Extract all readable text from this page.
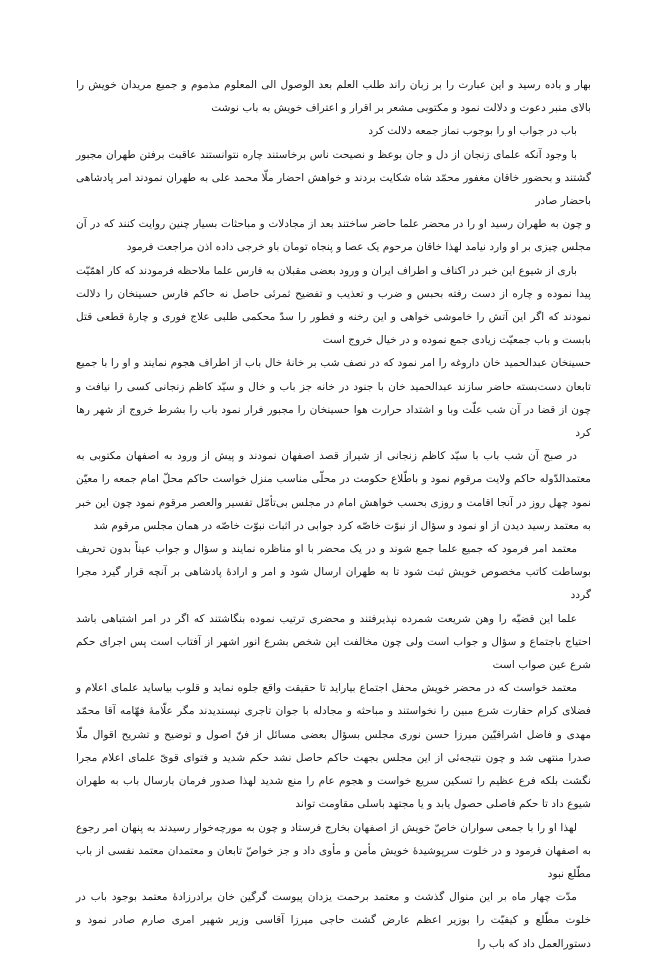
بهار و باده رسید و این عبارت را بر زبان راند طلب العلم بعد الوصول الی المعلوم مذموم و جمیع مریدان خویش را بالای منبر دعوت و دلالت نمود و مکتوبی مشعر بر اقرار و اعتراف خویش به باب نوشت

باب در جواب او را بوجوب نماز جمعه دلالت کرد

با وجود آنکه علمای زنجان از دل و جان بوعظ و نصیحت ناس برخاستند چاره نتوانستند عاقبت برفتن طهران مجبور گشتند و بحضور خاقان مغفور محمّد شاه شکایت بردند و خواهش احضار ملّا محمد علی به طهران نمودند امر پادشاهی باحضار صادر

و چون به طهران رسید او را در محضر علما حاضر ساختند بعد از مجادلات و مباحثات بسیار چنین روایت کنند که در آن مجلس چیزی بر او وارد نیامد لهذا خاقان مرحوم یک عصا و پنجاه تومان باو خرجی داده اذن مراجعت فرمود

باری از شیوع این خبر در اکناف و اطراف ایران و ورود بعضی مقبلان به فارس علما ملاحظه فرمودند که کار اهمّیّت پیدا نموده و چاره از دست رفته بحبس و ضرب و تعذیب و تفضیح ثمرئی حاصل نه حاکم فارس حسینخان را دلالت نمودند که اگر این آتش را خاموشی خواهی و این رخنه و فطور را سدّ محکمی طلبی علاج فوری و چارهٔ قطعی قتل بابست و باب جمعیّت زیادی جمع نموده و در خیال خروج است

حسینخان عبدالحمید خان داروغه را امر نمود که در نصف شب بر خانهٔ خال باب از اطراف هجوم نمایند و او را با جمیع تابعان دست‌بسته حاضر سازند عبدالحمید خان با جنود در خانه جز باب و خال و سیّد کاظم زنجانی کسی را نیافت و چون از قضا در آن شب علّت وبا و اشتداد حرارت هوا حسینخان را مجبور فرار نمود باب را بشرط خروج از شهر رها کرد

در صبح آن شب باب با سیّد کاظم زنجانی از شیراز قصد اصفهان نمودند و پیش از ورود به اصفهان مکتوبی به معتمدالدّوله حاکم ولایت مرقوم نمود و باطّلاع حکومت در محلّی مناسب منزل خواست حاکم محلّ امام جمعه را معیّن نمود چهل روز در آنجا اقامت و روزی بحسب خواهش امام در مجلس بی‌تأمّل تفسیر والعصر مرقوم نمود چون این خبر به معتمد رسید دیدن از او نمود و سؤال از نبوّت خاصّه کرد جوابی در اثبات نبوّت خاصّه در همان مجلس مرقوم شد

معتمد امر فرمود که جمیع علما جمع شوند و در یک محضر با او مناظره نمایند و سؤال و جواب عیناً بدون تحریف بوساطت کاتب مخصوص خویش ثبت شود تا به طهران ارسال شود و امر و ارادهٔ پادشاهی بر آنچه قرار گیرد مجرا گردد

علما این قضیّه را وهن شریعت شمرده نپذیرفتند و محضری ترتیب نموده بنگاشتند که اگر در امر اشتباهی باشد احتیاج باجتماع و سؤال و جواب است ولی چون مخالفت این شخص بشرع انور اشهر از آفتاب است پس اجرای حکم شرع عین صواب است

معتمد خواست که در محضر خویش محفل اجتماع بیاراید تا حقیقت واقع جلوه نماید و قلوب بیاساید علمای اعلام و فضلای کرام حقارت شرع مبین را نخواستند و مباحثه و مجادله با جوان تاجری نپسندیدند مگر علّامهٔ فهّامه آقا محمّد مهدی و فاضل اشراقیّین میرزا حسن نوری مجلس بسؤال بعضی مسائل از فنّ اصول و توضیح و تشریح اقوال ملّا صدرا منتهی شد و چون نتیجه‌ئی از این مجلس بجهت حاکم حاصل نشد حکم شدید و فتوای قویّ علمای اعلام مجرا نگشت بلکه فرع عظیم را تسکین سریع خواست و هجوم عام را منع شدید لهذا صدور فرمان بارسال باب به طهران شیوع داد تا حکم فاصلی حصول یابد و یا مجتهد باسلی مقاومت تواند

لهذا او را با جمعی سواران خاصّ خویش از اصفهان بخارج فرستاد و چون به مورچه‌خوار رسیدند به پنهان امر رجوع به اصفهان فرمود و در خلوت سرپوشیدهٔ خویش مأمن و مأوی داد و جز خواصّ تابعان و معتمدان معتمد نفسی از باب مطّلع نبود

مدّت چهار ماه بر این منوال گذشت و معتمد برحمت یزدان پیوست گرگین خان برادرزادهٔ معتمد بوجود باب در خلوت مطّلع و کیفیّت را بوزیر اعظم عارض گشت حاجی میرزا آقاسی وزیر شهیر امری صارم صادر نمود و دستورالعمل داد که باب را
